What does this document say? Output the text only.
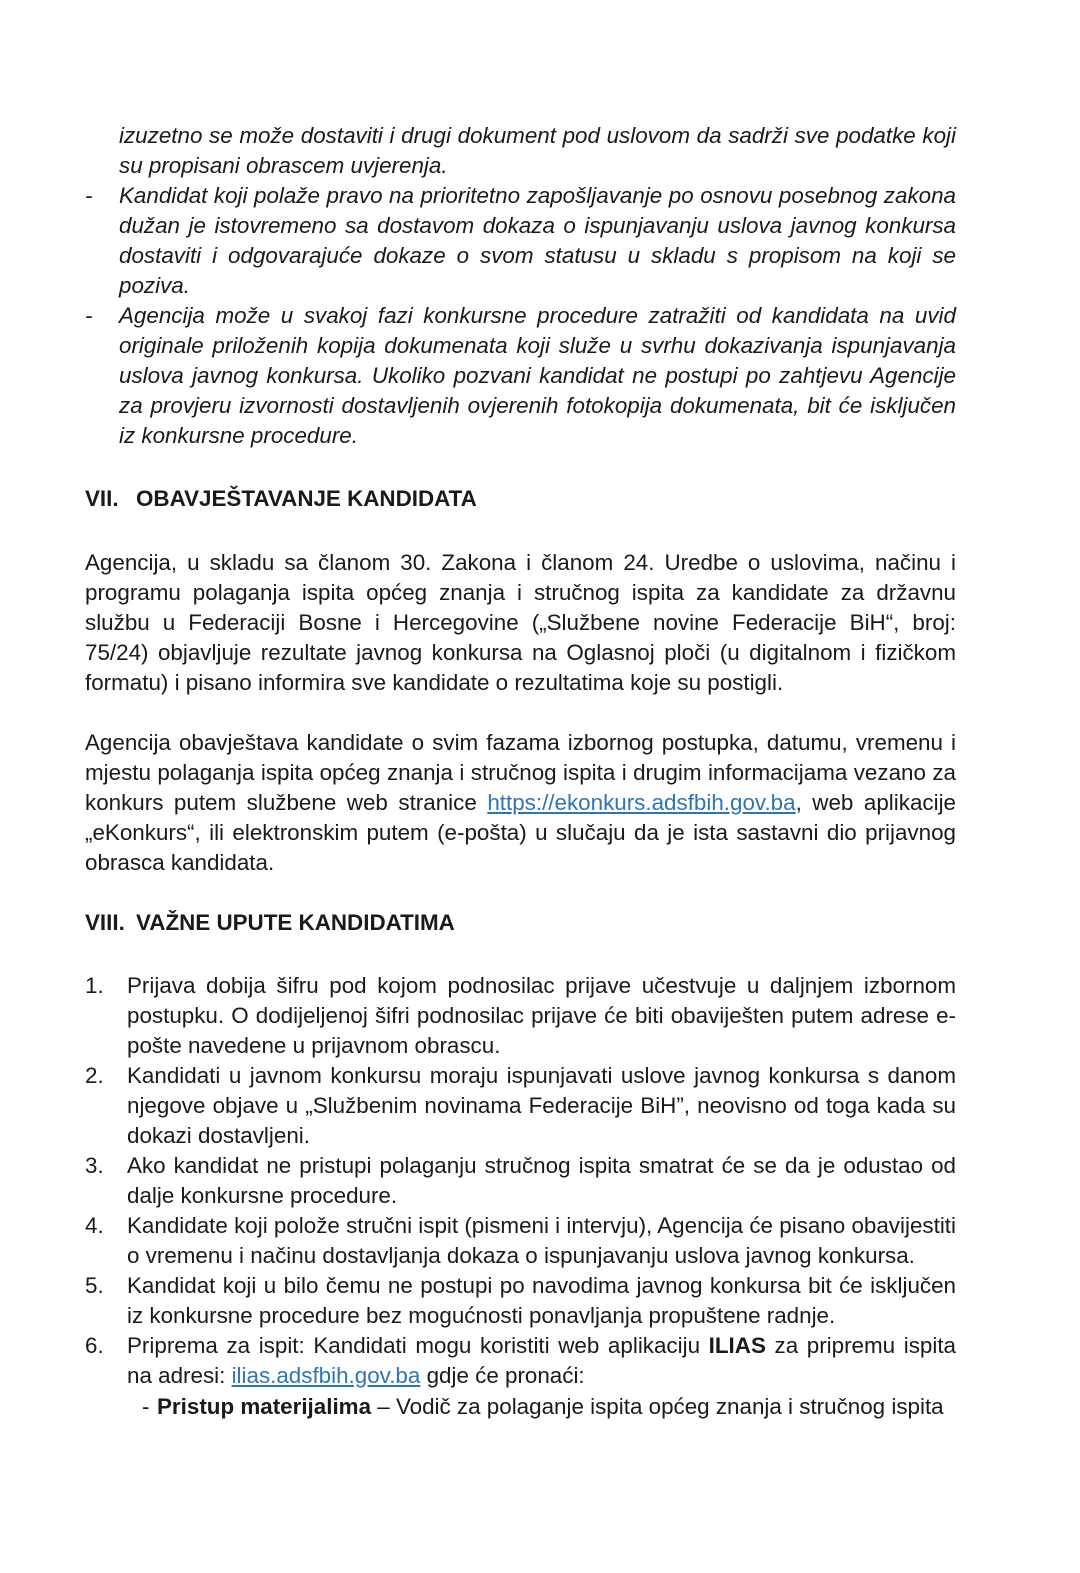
izuzetno se može dostaviti i drugi dokument pod uslovom da sadrži sve podatke koji su propisani obrascem uvjerenja.

-	Kandidat koji polaže pravo na prioritetno zapošljavanje po osnovu posebnog zakona dužan je istovremeno sa dostavom dokaza o ispunjavanju uslova javnog konkursa dostaviti i odgovarajuće dokaze o svom statusu u skladu s propisom na koji se poziva.
-	Agencija može u svakoj fazi konkursne procedure zatražiti od kandidata na uvid originale priloženih kopija dokumenata koji služe u svrhu dokazivanja ispunjavanja uslova javnog konkursa. Ukoliko pozvani kandidat ne postupi po zahtjevu Agencije za provjeru izvornosti dostavljenih ovjerenih fotokopija dokumenata, bit će isključen iz konkursne procedure.

VII. OBAVJEŠTAVANJE KANDIDATA

Agencija, u skladu sa članom 30. Zakona i članom 24. Uredbe o uslovima, načinu i programu polaganja ispita općeg znanja i stručnog ispita za kandidate za državnu službu u Federaciji Bosne i Hercegovine („Službene novine Federacije BiH“, broj: 75/24) objavljuje rezultate javnog konkursa na Oglasnoj ploči (u digitalnom i fizičkom formatu) i pisano informira sve kandidate o rezultatima koje su postigli.

Agencija obavještava kandidate o svim fazama izbornog postupka, datumu, vremenu i mjestu polaganja ispita općeg znanja i stručnog ispita i drugim informacijama vezano za konkurs putem službene web stranice https://ekonkurs.adsfbih.gov.ba, web aplikacije „eKonkurs“, ili elektronskim putem (e-pošta) u slučaju da je ista sastavni dio prijavnog obrasca kandidata.

VIII. VAŽNE UPUTE KANDIDATIMA

1.	Prijava dobija šifru pod kojom podnosilac prijave učestvuje u daljnjem izbornom postupku. O dodijeljenoj šifri podnosilac prijave će biti obaviješten putem adrese e-pošte navedene u prijavnom obrascu.
2.	Kandidati u javnom konkursu moraju ispunjavati uslove javnog konkursa s danom njegove objave u „Službenim novinama Federacije BiH”, neovisno od toga kada su dokazi dostavljeni.
3.	Ako kandidat ne pristupi polaganju stručnog ispita smatrat će se da je odustao od dalje konkursne procedure.
4.	Kandidate koji polože stručni ispit (pismeni i intervju), Agencija će pisano obavijestiti o vremenu i načinu dostavljanja dokaza o ispunjavanju uslova javnog konkursa.
5.	Kandidat koji u bilo čemu ne postupi po navodima javnog konkursa bit će isključen iz konkursne procedure bez mogućnosti ponavljanja propuštene radnje.
6.	Priprema za ispit: Kandidati mogu koristiti web aplikaciju ILIAS za pripremu ispita na adresi: ilias.adsfbih.gov.ba gdje će pronaći:
- Pristup materijalima – Vodič za polaganje ispita općeg znanja i stručnog ispita
